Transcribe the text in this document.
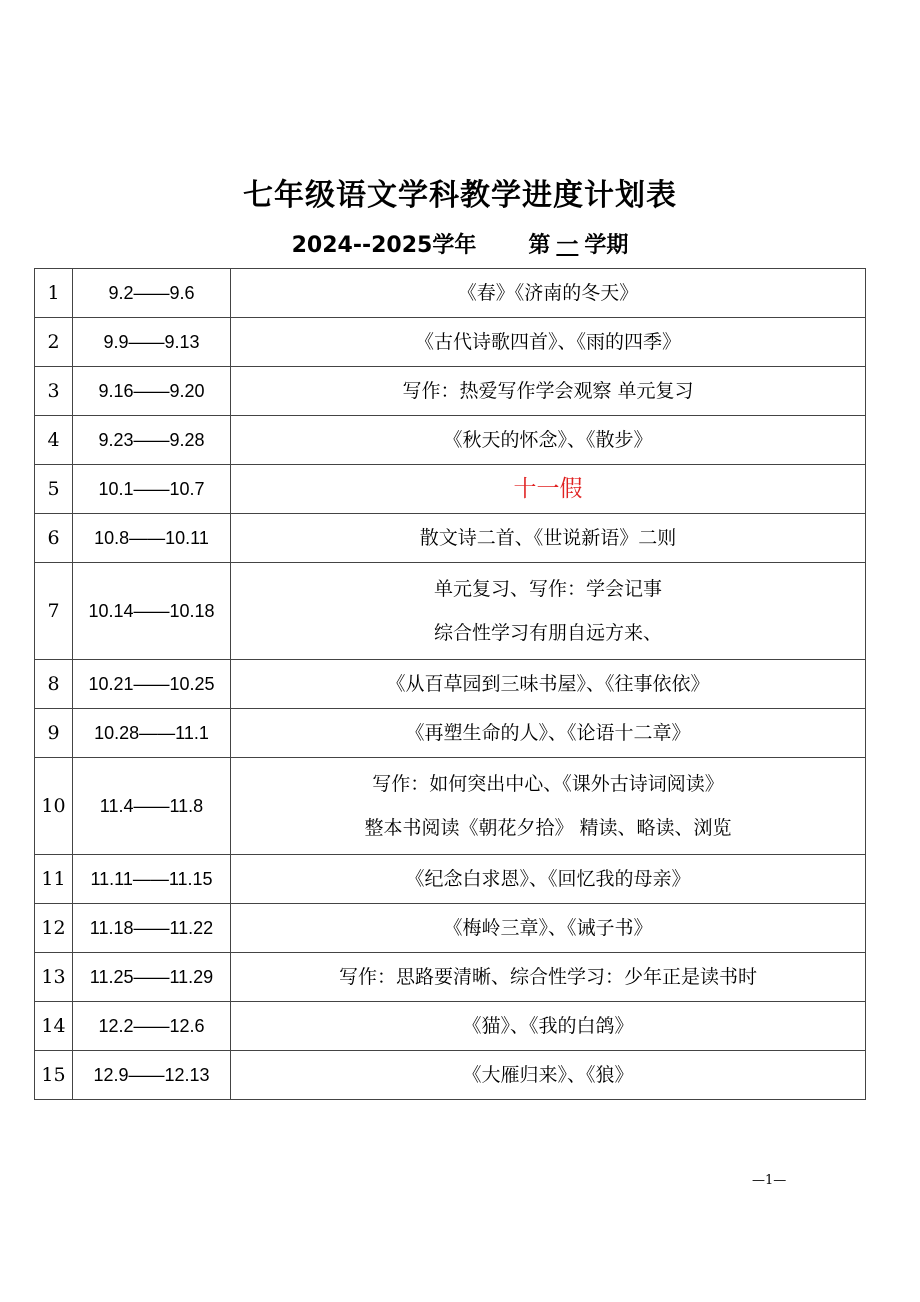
七年级语文学科教学进度计划表
2024--2025学年 第 一 学期
1	9.2——9.6	《春》《济南的冬天》

2	9.9——9.13	《古代诗歌四首》、《雨的四季》

3	9.16——9.20	写作：热爱写作学会观察 单元复习

4	9.23——9.28	《秋天的怀念》、《散步》

5	10.1——10.7	十一假

6	10.8——10.11	散文诗二首、《世说新语》二则

7	10.14——10.18	单元复习、写作：学会记事
综合性学习有朋自远方来、

8	10.21——10.25	《从百草园到三味书屋》、《往事依依》

9	10.28——11.1	《再塑生命的人》、《论语十二章》

10	11.4——11.8	写作：如何突出中心、《课外古诗词阅读》
整本书阅读《朝花夕拾》 精读、略读、浏览

11	11.11——11.15	《纪念白求恩》、《回忆我的母亲》

12	11.18——11.22	《梅岭三章》、《诫子书》

13	11.25——11.29	写作：思路要清晰、综合性学习：少年正是读书时

14	12.2——12.6	《猫》、《我的白鸽》

15	12.9——12.13	《大雁归来》、《狼》
—1—
